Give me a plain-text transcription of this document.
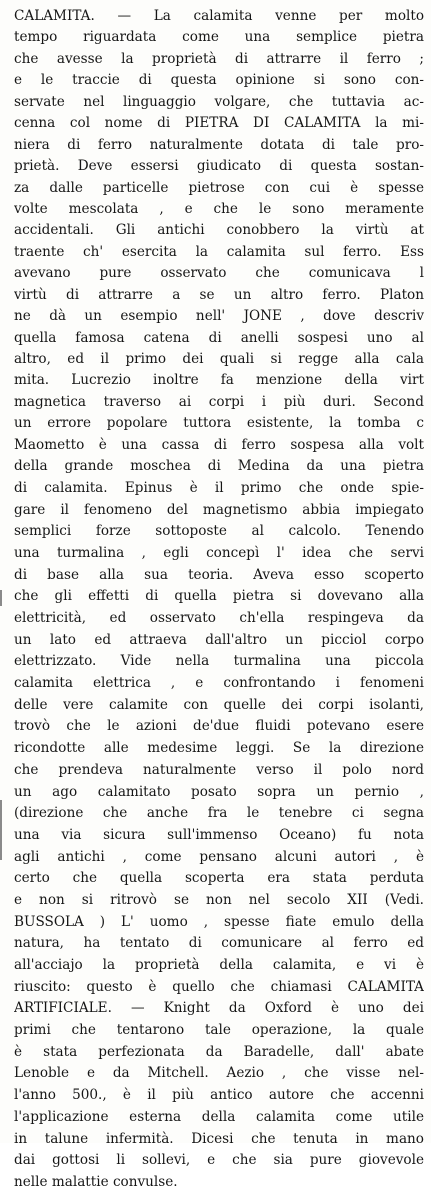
CALAMITA. — La calamita venne per molto
tempo riguardata come una semplice pietra
che avesse la proprietà di attrarre il ferro ;
e le traccie di questa opinione si sono con-
servate nel linguaggio volgare, che tuttavia ac-
cenna col nome di PIETRA DI CALAMITA la mi-
niera di ferro naturalmente dotata di tale pro-
prietà. Deve essersi giudicato di questa sostan-
za dalle particelle pietrose con cui è spesse
volte mescolata , e che le sono meramente
accidentali. Gli antichi conobbero la virtù at
traente ch' esercita la calamita sul ferro. Ess
avevano pure osservato che comunicava l
virtù di attrarre a se un altro ferro. Platon
ne dà un esempio nell' JONE , dove descriv
quella famosa catena di anelli sospesi uno al
altro, ed il primo dei quali si regge alla cala
mita. Lucrezio inoltre fa menzione della virt
magnetica traverso ai corpi i più duri. Second
un errore popolare tuttora esistente, la tomba c
Maometto è una cassa di ferro sospesa alla volt
della grande moschea di Medina da una pietra
di calamita. Epinus è il primo che onde spie-
gare il fenomeno del magnetismo abbia impiegato
semplici forze sottoposte al calcolo. Tenendo
una turmalina , egli concepì l' idea che servi
di base alla sua teoria. Aveva esso scoperto
che gli effetti di quella pietra si dovevano alla
elettricità, ed osservato ch'ella respingeva da
un lato ed attraeva dall'altro un picciol corpo
elettrizzato. Vide nella turmalina una piccola
calamita elettrica , e confrontando i fenomeni
delle vere calamite con quelle dei corpi isolanti,
trovò che le azioni de'due fluidi potevano esere
ricondotte alle medesime leggi. Se la direzione
che prendeva naturalmente verso il polo nord
un ago calamitato posato sopra un pernio ,
(direzione che anche fra le tenebre ci segna
una via sicura sull'immenso Oceano) fu nota
agli antichi , come pensano alcuni autori , è
certo che quella scoperta era stata perduta
e non si ritrovò se non nel secolo XII (Vedi.
BUSSOLA ) L' uomo , spesse fiate emulo della
natura, ha tentato di comunicare al ferro ed
all'acciajo la proprietà della calamita, e vi è
riuscito: questo è quello che chiamasi CALAMITA
ARTIFICIALE. — Knight da Oxford è uno dei
primi che tentarono tale operazione, la quale
è stata perfezionata da Baradelle, dall' abate
Lenoble e da Mitchell. Aezio , che visse nel-
l'anno 500., è il più antico autore che accenni
l'applicazione esterna della calamita come utile
in talune infermità. Dicesi che tenuta in mano
dai gottosi li sollevi, e che sia pure giovevole
nelle malattie convulse.
